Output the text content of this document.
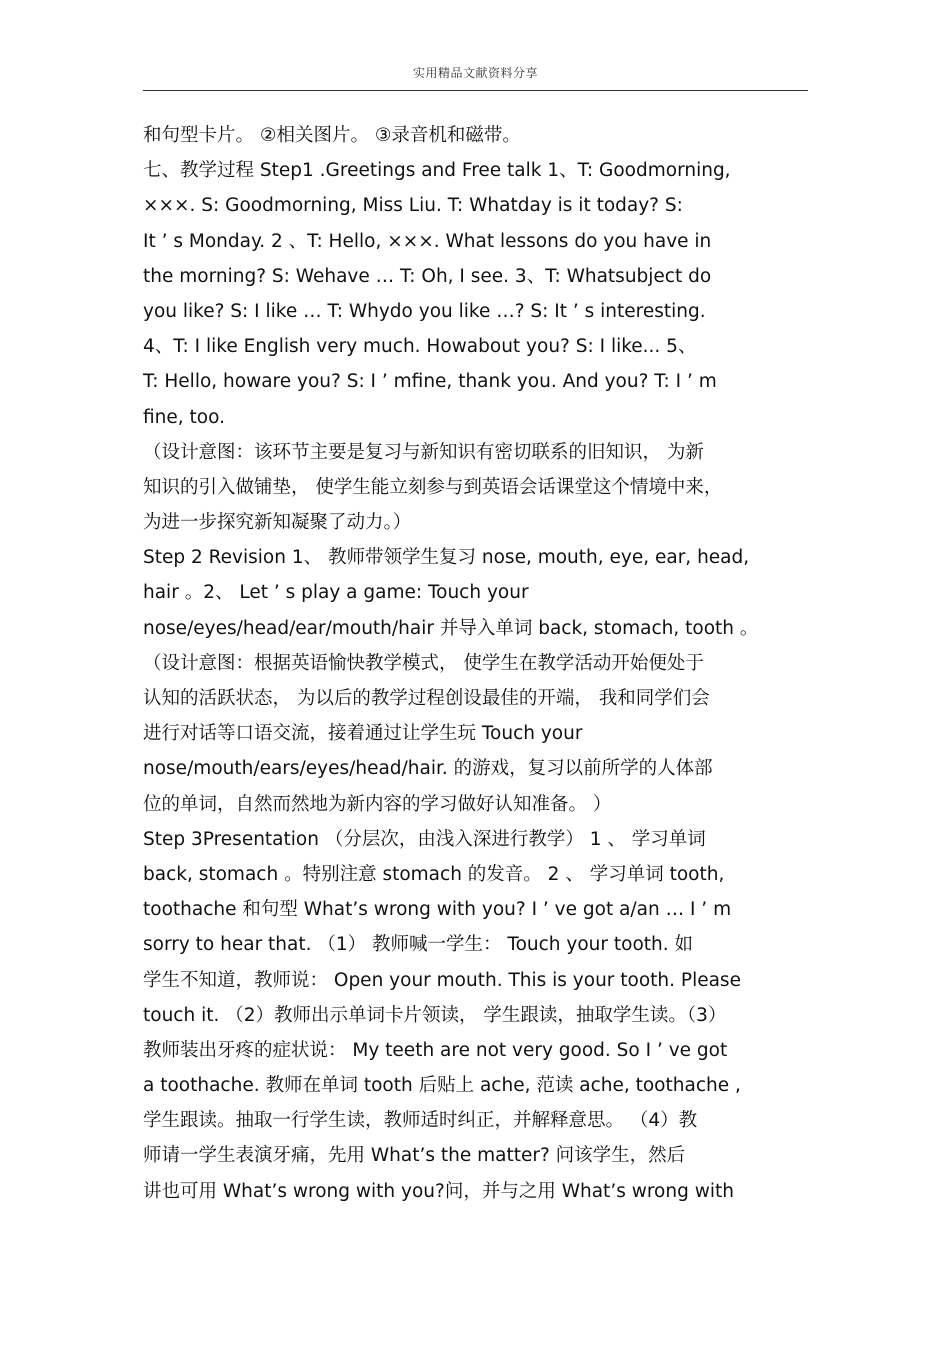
实用精品文献资料分享
和句型卡片。 ②相关图片。 ③录音机和磁带。
七、教学过程 Step1 .Greetings and Free talk 1、T: Goodmorning,
×××. S: Goodmorning, Miss Liu. T: Whatday is it today? S:
It ’ s Monday. 2 、T: Hello, ×××. What lessons do you have in
the morning? S: Wehave … T: Oh, I see. 3、T: Whatsubject do
you like? S: I like … T: Whydo you like …? S: It ’ s interesting.
4、T: I like English very much. Howabout you? S: I like... 5、
T: Hello, howare you? S: I ’ mfine, thank you. And you? T: I ’ m
fine, too.
（设计意图：该环节主要是复习与新知识有密切联系的旧知识， 为新
知识的引入做铺垫， 使学生能立刻参与到英语会话课堂这个情境中来，
为进一步探究新知凝聚了动力。）
Step 2 Revision 1、 教师带领学生复习 nose, mouth, eye, ear, head,
hair 。2、 Let ’ s play a game: Touch your
nose/eyes/head/ear/mouth/hair 并导入单词 back, stomach, tooth 。
（设计意图：根据英语愉快教学模式， 使学生在教学活动开始便处于
认知的活跃状态， 为以后的教学过程创设最佳的开端， 我和同学们会
进行对话等口语交流，接着通过让学生玩 Touch your
nose/mouth/ears/eyes/head/hair. 的游戏，复习以前所学的人体部
位的单词，自然而然地为新内容的学习做好认知准备。 ）
Step 3Presentation （分层次，由浅入深进行教学） 1 、 学习单词
back, stomach 。特别注意 stomach 的发音。 2 、 学习单词 tooth,
toothache 和句型 What’s wrong with you? I ’ ve got a/an … I ’ m
sorry to hear that. （1） 教师喊一学生： Touch your tooth. 如
学生不知道，教师说： Open your mouth. This is your tooth. Please
touch it. （2）教师出示单词卡片领读， 学生跟读，抽取学生读。（3）
教师装出牙疼的症状说： My teeth are not very good. So I ’ ve got
a toothache. 教师在单词 tooth 后贴上 ache, 范读 ache, toothache ,
学生跟读。抽取一行学生读，教师适时纠正，并解释意思。 （4）教
师请一学生表演牙痛，先用 What’s the matter? 问该学生，然后
讲也可用 What’s wrong with you?问，并与之用 What’s wrong with
